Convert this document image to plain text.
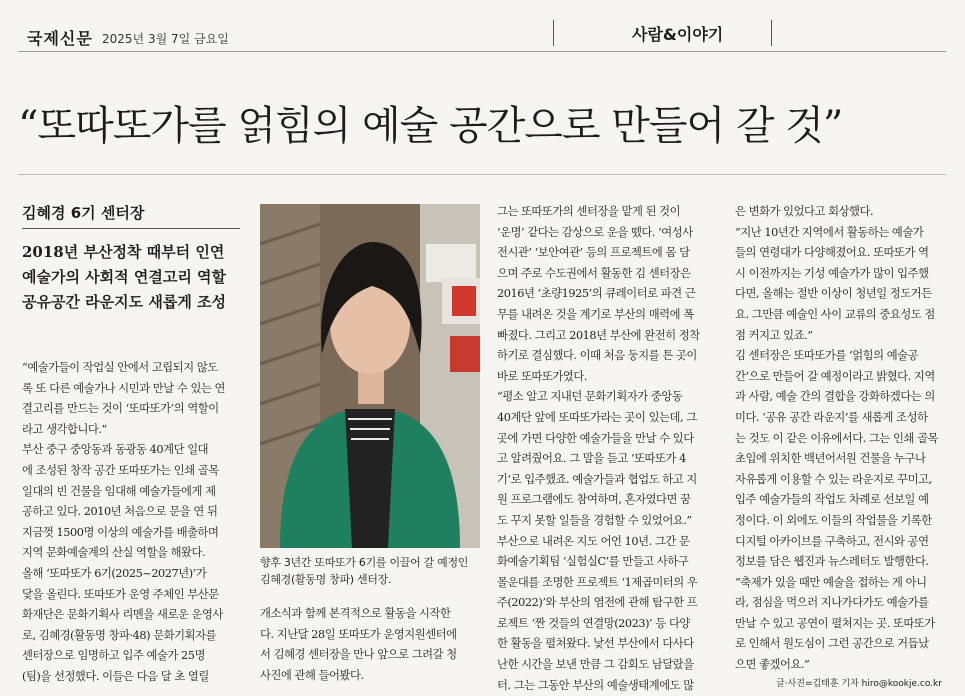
국제신문 2025년 3월 7일 금요일	사람&이야기
“또따또가를 얽힘의 예술 공간으로 만들어 갈 것”
김혜경 6기 센터장
2018년 부산정착 때부터 인연
예술가의 사회적 연결고리 역할
공유공간 라운지도 새롭게 조성

“예술가들이 작업실 안에서 고립되지 않도
록 또 다른 예술가나 시민과 만날 수 있는 연
결고리를 만드는 것이 ‘또따또가’의 역할이
라고 생각합니다.”

부산 중구 중앙동과 동광동 40계단 일대
에 조성된 창작 공간 또따또가는 인쇄 골목
일대의 빈 건물을 임대해 예술가들에게 제
공하고 있다. 2010년 처음으로 문을 연 뒤
지금껏 1500명 이상의 예술가를 배출하며
지역 문화예술계의 산실 역할을 해왔다.

올해 ‘또따또가 6기(2025~2027년)’가
닻을 올린다. 또따또가 운영 주체인 부산문
화재단은 문화기획사 리멘을 새로운 운영사
로, 김혜경(활동명 창파·48) 문화기획자를
센터장으로 임명하고 입주 예술가 25명
(팀)을 선정했다. 이들은 다음 달 초 열릴

향후 3년간 또따또가 6기를 이끌어 갈 예정인
김혜경(활동명 창파) 센터장.

개소식과 함께 본격적으로 활동을 시작한
다. 지난달 28일 또따또가 운영지원센터에
서 김혜경 센터장을 만나 앞으로 그려갈 청
사진에 관해 들어봤다.

그는 또따또가의 센터장을 맡게 된 것이
‘운명’ 같다는 감상으로 운을 뗐다. ‘여성사
전시관’ ‘보안여관’ 등의 프로젝트에 몸 담
으며 주로 수도권에서 활동한 김 센터장은
2016년 ‘초량1925’의 큐레이터로 파견 근
무를 내려온 것을 계기로 부산의 매력에 폭
빠졌다. 그리고 2018년 부산에 완전히 정착
하기로 결심했다. 이때 처음 둥지를 튼 곳이
바로 또따또가였다.

“평소 알고 지내던 문화기획자가 중앙동
40계단 앞에 또따또가라는 곳이 있는데, 그
곳에 가면 다양한 예술가들을 만날 수 있다
고 알려줬어요. 그 말을 듣고 ‘또따또가 4
기’로 입주했죠. 예술가들과 협업도 하고 지
원 프로그램에도 참여하며, 혼자였다면 꿈
도 꾸지 못할 일들을 경험할 수 있었어요.”

부산으로 내려온 지도 어언 10년. 그간 문
화예술기획팀 ‘실험실C’를 만들고 사하구
몰운대를 조명한 프로젝트 ‘1제곱미터의 우
주(2022)’와 부산의 염전에 관해 탐구한 프
로젝트 ‘짠 것들의 연결망(2023)’ 등 다양
한 활동을 펼쳐왔다. 낯선 부산에서 다사다
난한 시간을 보낸 만큼 그 감회도 남달랐을
터. 그는 그동안 부산의 예술생태계에도 많

은 변화가 있었다고 회상했다.

“지난 10년간 지역에서 활동하는 예술가
들의 연령대가 다양해졌어요. 또따또가 역
시 이전까지는 기성 예술가가 많이 입주했
다면, 올해는 절반 이상이 청년일 정도거든
요. 그만큼 예술인 사이 교류의 중요성도 점
점 커지고 있죠.”

김 센터장은 또따또가를 ‘얽힘의 예술공
간’으로 만들어 갈 예정이라고 밝혔다. 지역
과 사람, 예술 간의 결합을 강화하겠다는 의
미다. ‘공유 공간 라운지’를 새롭게 조성하
는 것도 이 같은 이유에서다. 그는 인쇄 골목
초입에 위치한 백년어서원 건물을 누구나
자유롭게 이용할 수 있는 라운지로 꾸미고,
입주 예술가들의 작업도 차례로 선보일 예
정이다. 이 외에도 이들의 작업물을 기록한
디지털 아카이브를 구축하고, 전시와 공연
정보를 담은 웹진과 뉴스레터도 발행한다.

“축제가 있을 때만 예술을 접하는 게 아니
라, 점심을 먹으러 지나가다가도 예술가를
만날 수 있고 공연이 펼쳐지는 곳. 또따또가
로 인해서 원도심이 그런 공간으로 거듭났
으면 좋겠어요.”

글·사진=김태훈 기자 hiro@kookje.co.kr
